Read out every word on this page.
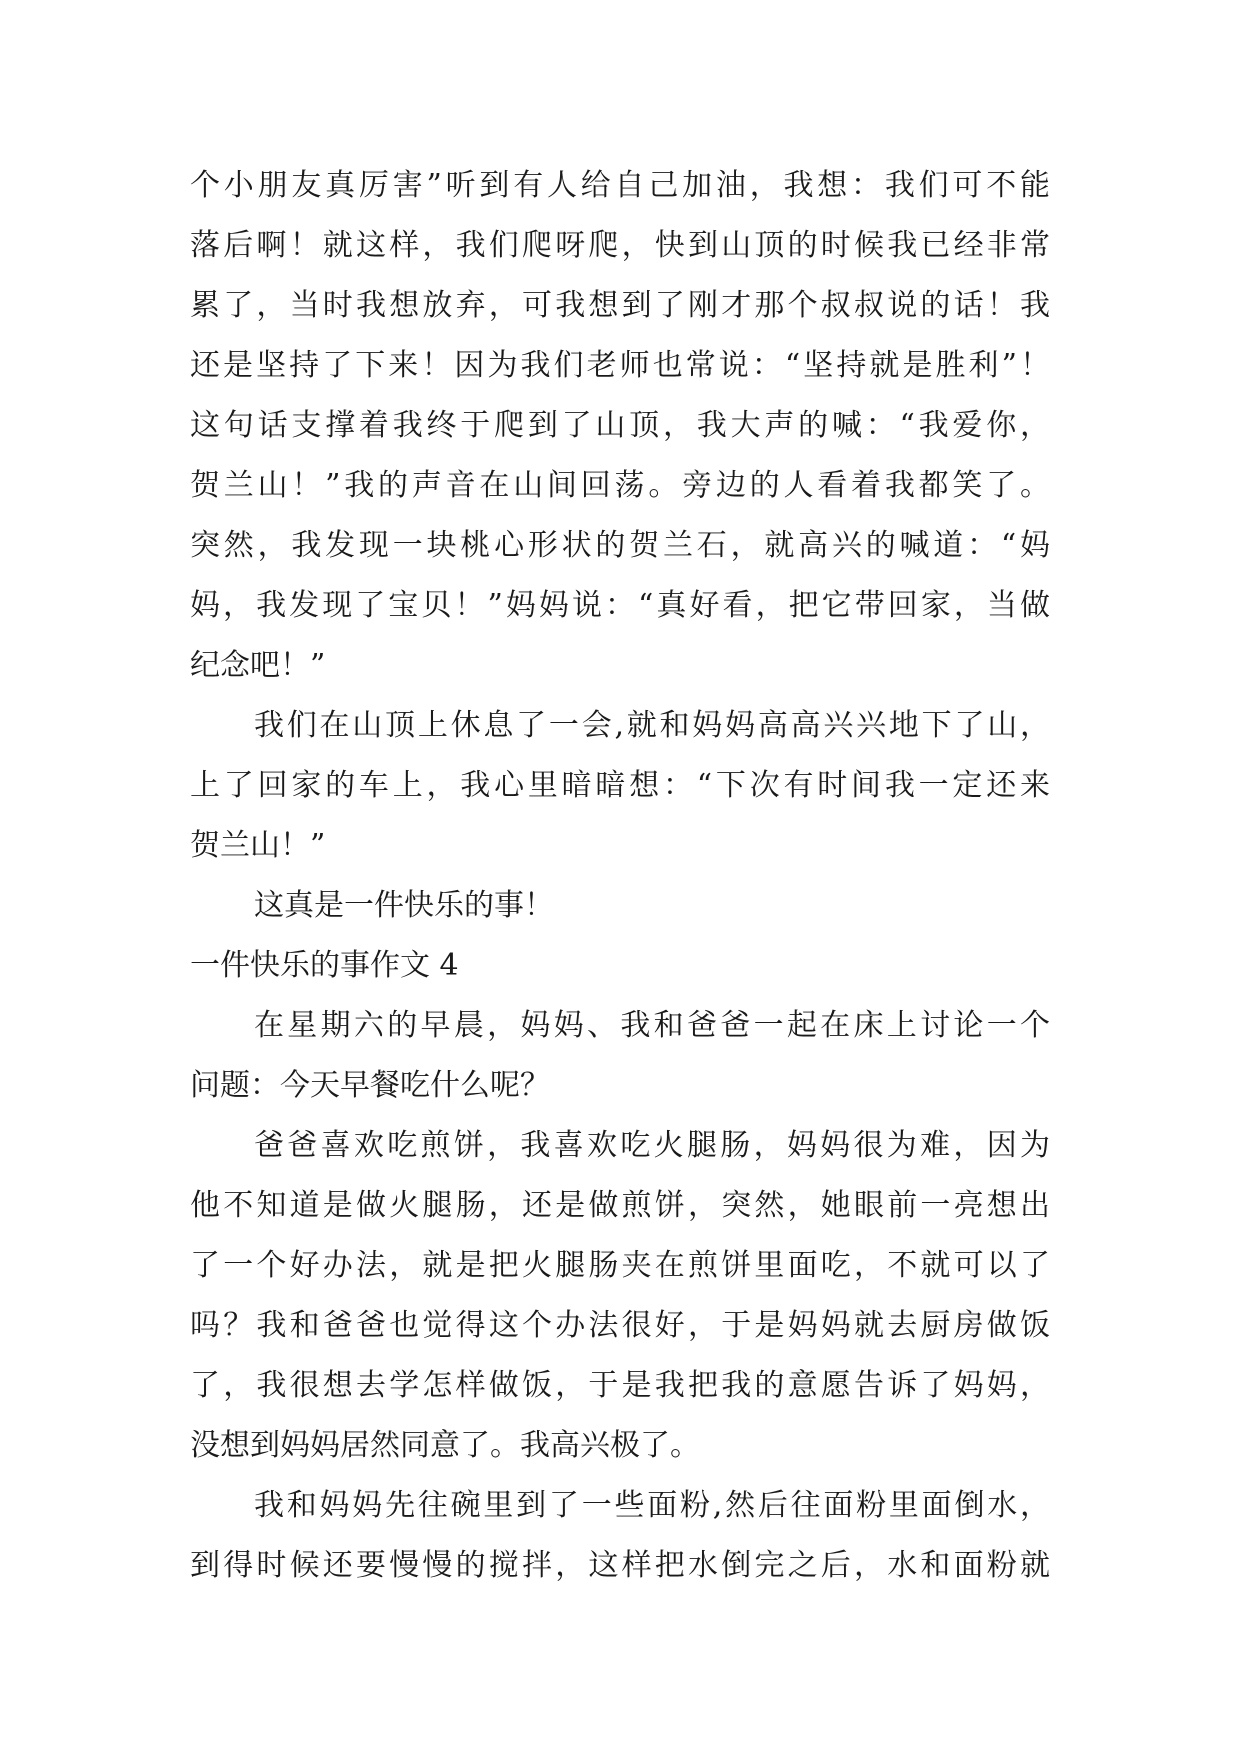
个小朋友真厉害”听到有人给自己加油，我想：我们可不能
落后啊！就这样，我们爬呀爬，快到山顶的时候我已经非常
累了，当时我想放弃，可我想到了刚才那个叔叔说的话！我
还是坚持了下来！因为我们老师也常说：“坚持就是胜利”！
这句话支撑着我终于爬到了山顶，我大声的喊：“我爱你，
贺兰山！”我的声音在山间回荡。旁边的人看着我都笑了。
突然，我发现一块桃心形状的贺兰石，就高兴的喊道：“妈
妈，我发现了宝贝！”妈妈说：“真好看，把它带回家，当做
纪念吧！”
我们在山顶上休息了一会,就和妈妈高高兴兴地下了山，
上了回家的车上，我心里暗暗想：“下次有时间我一定还来
贺兰山！”
这真是一件快乐的事！
一件快乐的事作文 4
在星期六的早晨，妈妈、我和爸爸一起在床上讨论一个
问题：今天早餐吃什么呢？
爸爸喜欢吃煎饼，我喜欢吃火腿肠，妈妈很为难，因为
他不知道是做火腿肠，还是做煎饼，突然，她眼前一亮想出
了一个好办法，就是把火腿肠夹在煎饼里面吃，不就可以了
吗？我和爸爸也觉得这个办法很好，于是妈妈就去厨房做饭
了，我很想去学怎样做饭，于是我把我的意愿告诉了妈妈，
没想到妈妈居然同意了。我高兴极了。
我和妈妈先往碗里到了一些面粉,然后往面粉里面倒水，
到得时候还要慢慢的搅拌，这样把水倒完之后，水和面粉就
